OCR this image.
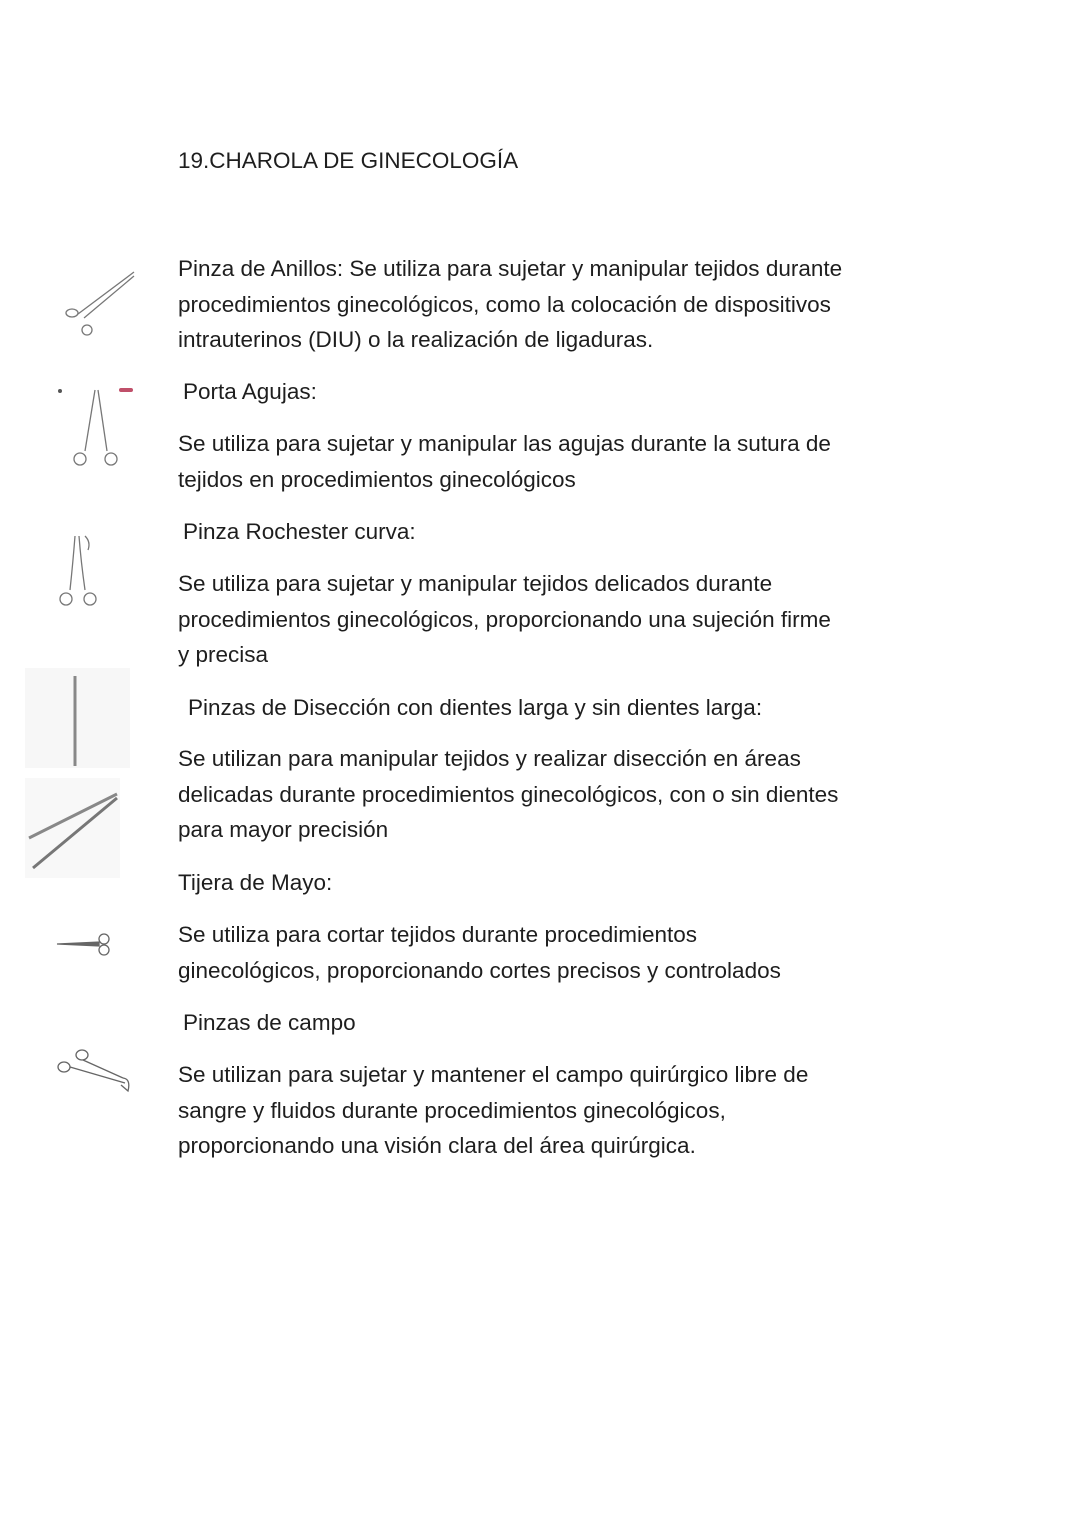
19.CHAROLA DE GINECOLOGÍA
Pinza de Anillos: Se utiliza para sujetar y manipular tejidos durante
procedimientos ginecológicos, como la colocación de dispositivos
intrauterinos (DIU) o la realización de ligaduras.
Porta Agujas:
Se utiliza para sujetar y manipular las agujas durante la sutura de
tejidos en procedimientos ginecológicos
Pinza Rochester curva:
Se utiliza para sujetar y manipular tejidos delicados durante
procedimientos ginecológicos, proporcionando una sujeción firme
y precisa
Pinzas de Disección con dientes larga y sin dientes larga:
Se utilizan para manipular tejidos y realizar disección en áreas
delicadas durante procedimientos ginecológicos, con o sin dientes
para mayor precisión
Tijera de Mayo:
Se utiliza para cortar tejidos durante procedimientos
ginecológicos, proporcionando cortes precisos y controlados
Pinzas de campo
Se utilizan para sujetar y mantener el campo quirúrgico libre de
sangre y fluidos durante procedimientos ginecológicos,
proporcionando una visión clara del área quirúrgica.
